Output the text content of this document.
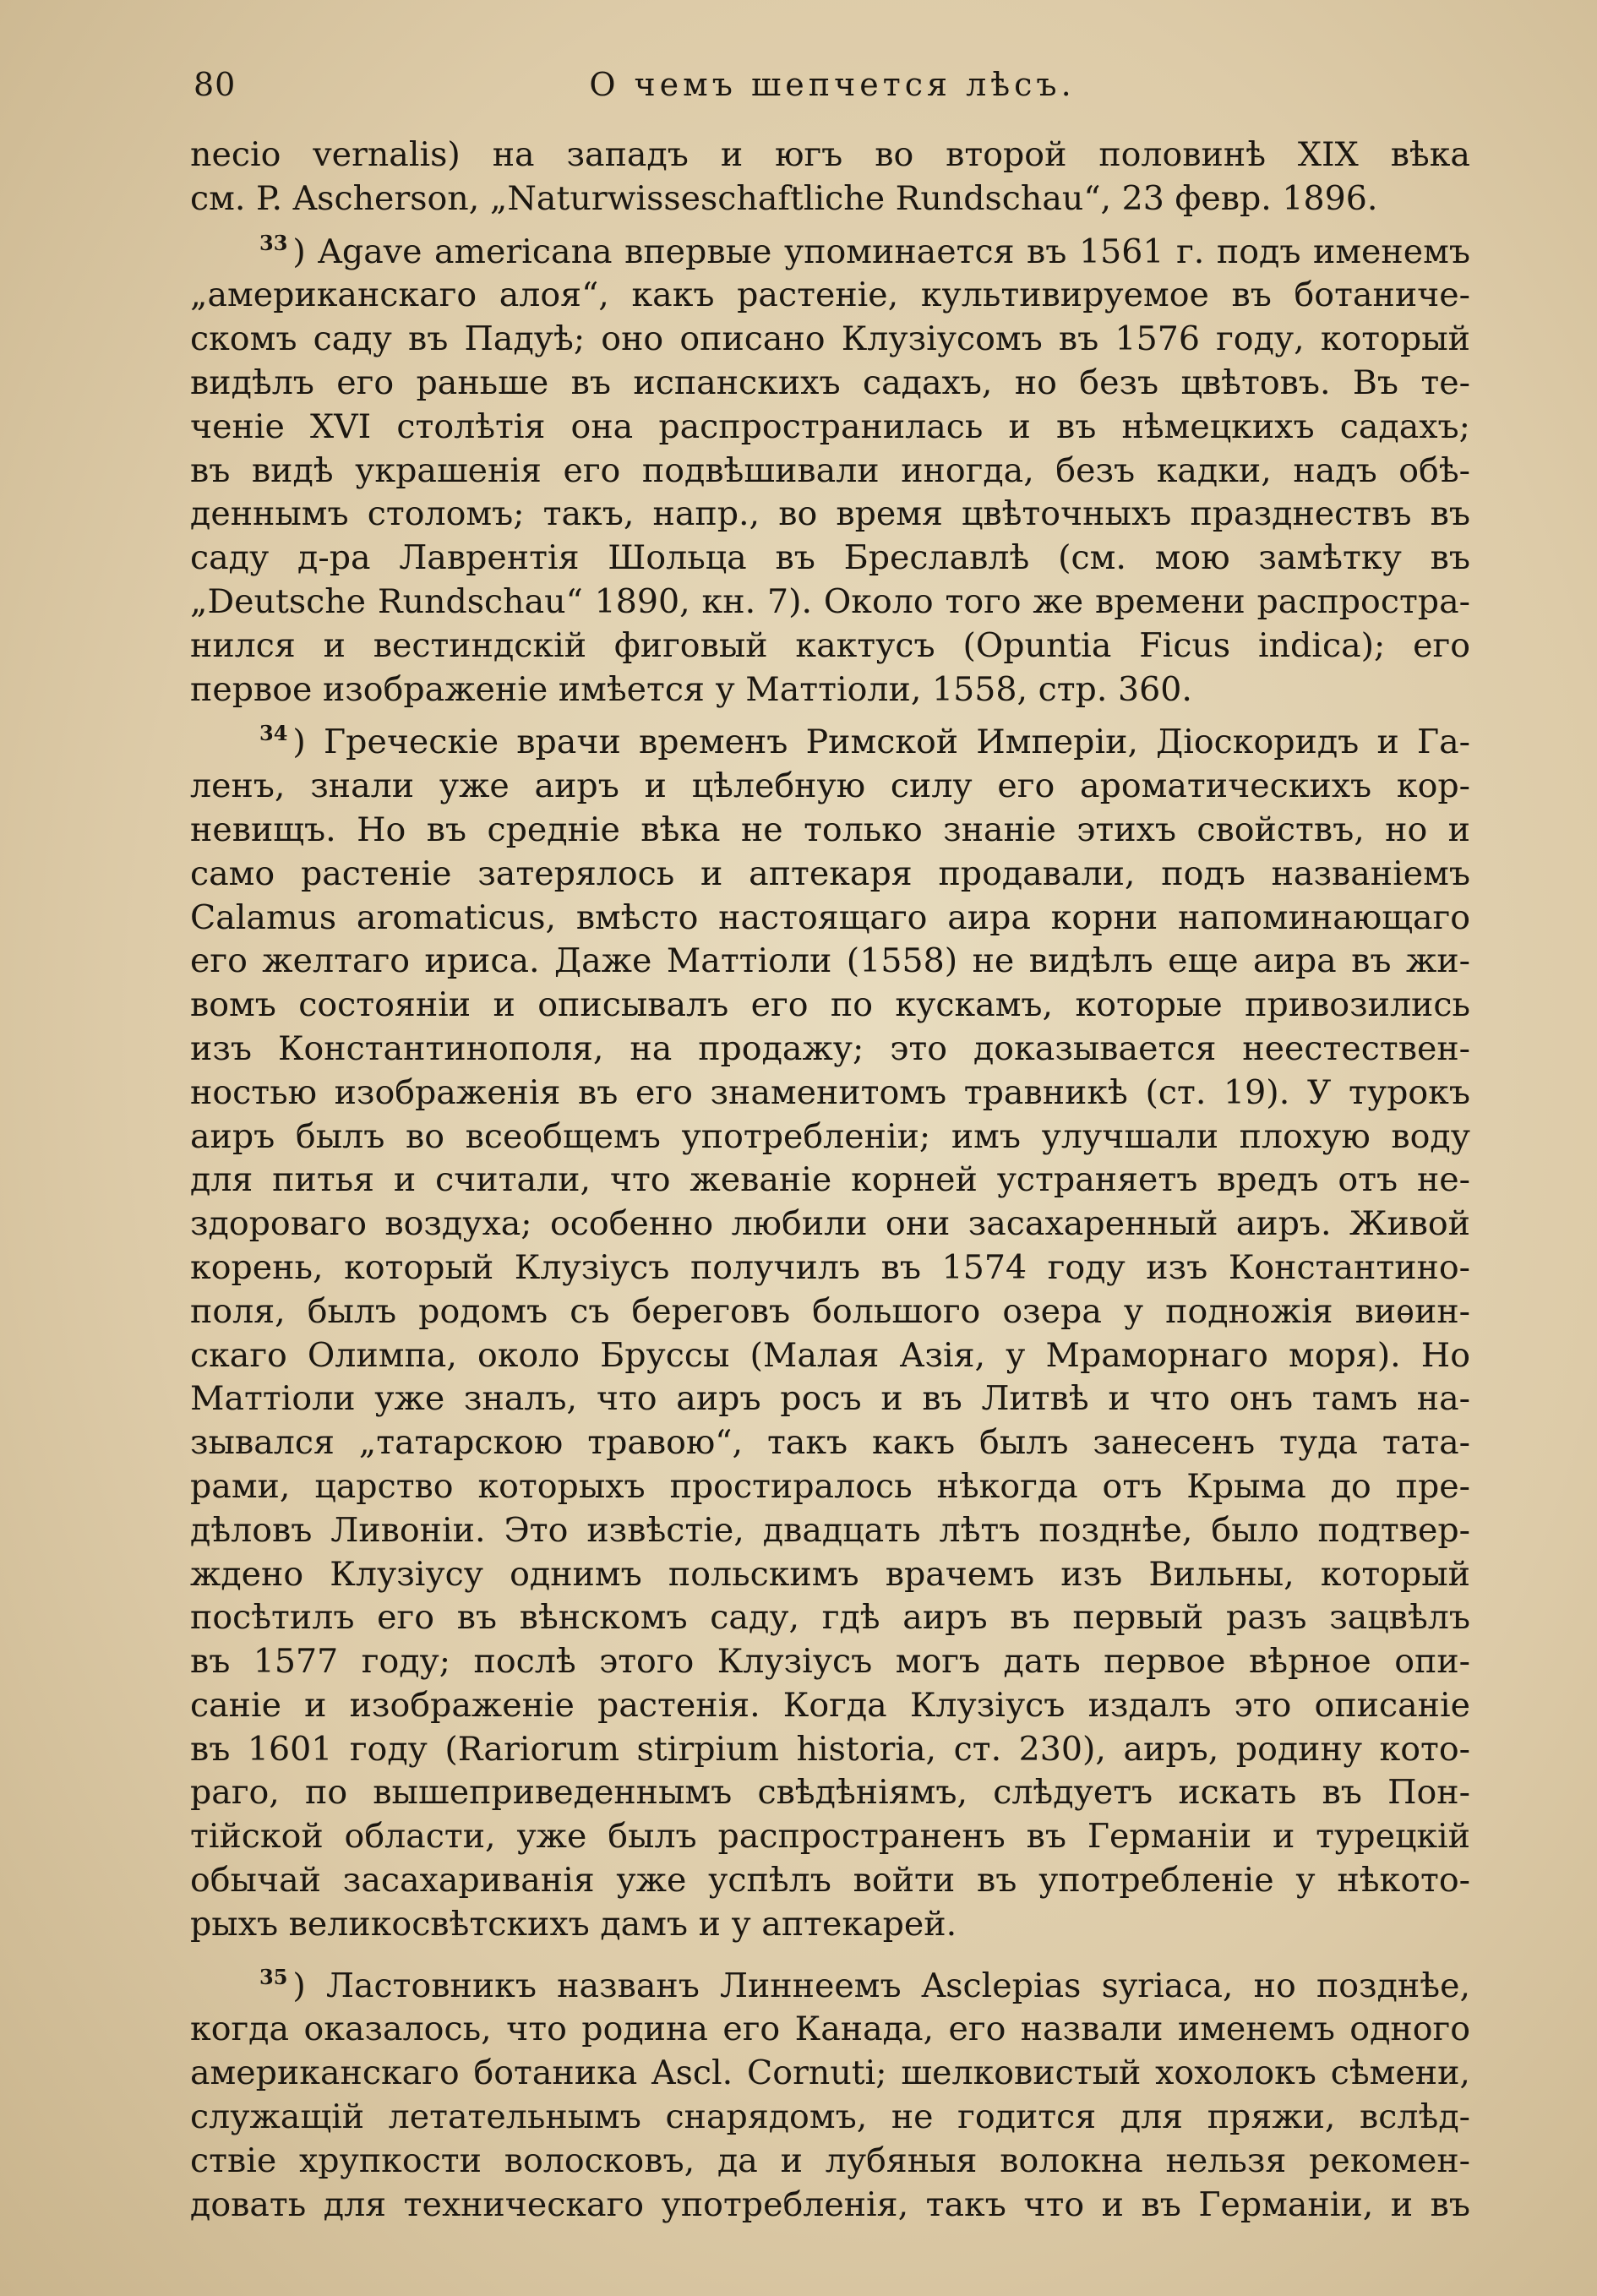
80	О чемъ шепчется лѣсъ.

necio vernalis) на западъ и югъ во второй половинѣ XIX вѣка
см. P. Ascherson, „Naturwisseschaftliche Rundschau“, 23 февр. 1896.

$^{33}$ ) Agave americana впервые упоминается въ 1561 г. подъ именемъ
„американскаго алоя“, какъ растеніе, культивируемое въ ботаниче-
скомъ саду въ Падуѣ; оно описано Клузіусомъ въ 1576 году, который
видѣлъ его раньше въ испанскихъ садахъ, но безъ цвѣтовъ. Въ те-
ченіе XVI столѣтія она распространилась и въ нѣмецкихъ садахъ;
въ видѣ украшенія его подвѣшивали иногда, безъ кадки, надъ обѣ-
деннымъ столомъ; такъ, напр., во время цвѣточныхъ празднествъ въ
саду д-ра Лаврентія Шольца въ Бреславлѣ (см. мою замѣтку въ
„Deutsche Rundschau“ 1890, кн. 7). Около того же времени распростра-
нился и вестиндскій фиговый кактусъ (Opuntia Ficus indica); его
первое изображеніе имѣется у Маттіоли, 1558, стр. 360.

$^{34}$ ) Греческіе врачи временъ Римской Имперіи, Діоскоридъ и Га-
ленъ, знали уже аиръ и цѣлебную силу его ароматическихъ кор-
невищъ. Но въ средніе вѣка не только знаніе этихъ свойствъ, но и
само растеніе затерялось и аптекаря продавали, подъ названіемъ
Calamus aromaticus, вмѣсто настоящаго аира корни напоминающаго
его желтаго ириса. Даже Маттіоли (1558) не видѣлъ еще аира въ жи-
вомъ состояніи и описывалъ его по кускамъ, которые привозились
изъ Константинополя, на продажу; это доказывается неестествен-
ностью изображенія въ его знаменитомъ травникѣ (ст. 19). У турокъ
аиръ былъ во всеобщемъ употребленіи; имъ улучшали плохую воду
для питья и считали, что жеваніе корней устраняетъ вредъ отъ не-
здороваго воздуха; особенно любили они засахаренный аиръ. Живой
корень, который Клузіусъ получилъ въ 1574 году изъ Константино-
поля, былъ родомъ съ береговъ большого озера у подножія виѳин-
скаго Олимпа, около Бруссы (Малая Азія, у Мраморнаго моря). Но
Маттіоли уже зналъ, что аиръ росъ и въ Литвѣ и что онъ тамъ на-
зывался „татарскою травою“, такъ какъ былъ занесенъ туда тата-
рами, царство которыхъ простиралось нѣкогда отъ Крыма до пре-
дѣловъ Ливоніи. Это извѣстіе, двадцать лѣтъ позднѣе, было подтвер-
ждено Клузіусу однимъ польскимъ врачемъ изъ Вильны, который
посѣтилъ его въ вѣнскомъ саду, гдѣ аиръ въ первый разъ зацвѣлъ
въ 1577 году; послѣ этого Клузіусъ могъ дать первое вѣрное опи-
саніе и изображеніе растенія. Когда Клузіусъ издалъ это описаніе
въ 1601 году (Rariorum stirpium historia, ст. 230), аиръ, родину кото-
раго, по вышеприведеннымъ свѣдѣніямъ, слѣдуетъ искать въ Пон-
тійской области, уже былъ распространенъ въ Германіи и турецкій
обычай засахариванія уже успѣлъ войти въ употребленіе у нѣкото-
рыхъ великосвѣтскихъ дамъ и у аптекарей.

$^{35}$ ) Ластовникъ названъ Линнеемъ Asclepias syriaca, но позднѣе,
когда оказалось, что родина его Канада, его назвали именемъ одного
американскаго ботаника Ascl. Cornuti; шелковистый хохолокъ сѣмени,
служащій летательнымъ снарядомъ, не годится для пряжи, вслѣд-
ствіе хрупкости волосковъ, да и лубяныя волокна нельзя рекомен-
довать для техническаго употребленія, такъ что и въ Германіи, и въ
